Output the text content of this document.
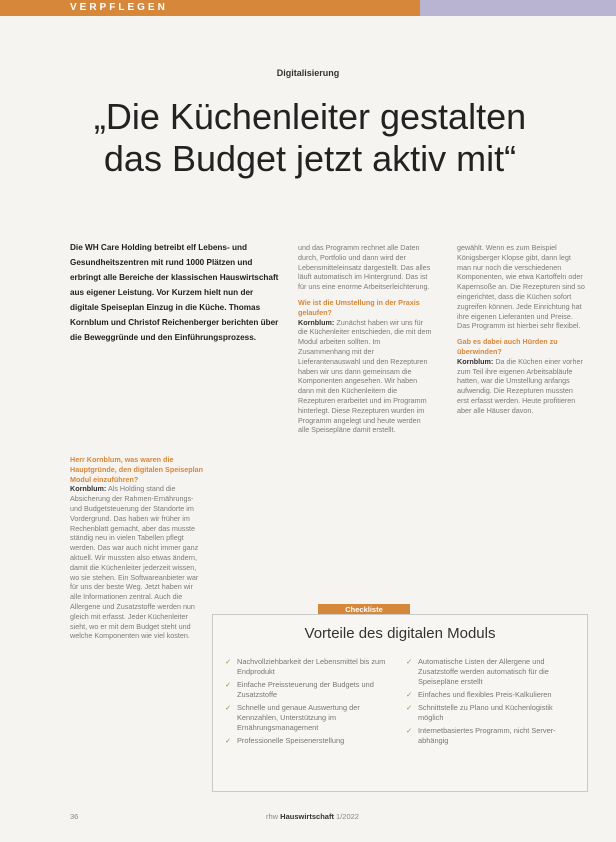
VERPFLEGEN
Digitalisierung
„Die Küchenleiter gestalten
das Budget jetzt aktiv mit“
Die WH Care Holding betreibt elf Lebens- und Gesundheitszentren mit rund 1000 Plätzen und erbringt alle Bereiche der klassischen Hauswirtschaft aus eigener Leistung. Vor Kurzem hielt nun der digitale Speiseplan Einzug in die Küche. Thomas Kornblum und Christof Reichenberger berichten über die Beweggründe und den Einführungsprozess.
Herr Kornblum, was waren die Hauptgründe, den digitalen Speiseplan Modul einzuführen?

Kornblum: Als Holding stand die Absicherung der Rahmen-Ernährungs- und Budgetsteuerung der Standorte im Vordergrund. Das haben wir früher im Rechenblatt gemacht, aber das musste ständig neu in vielen Tabellen pflegt werden. Das war auch nicht immer ganz aktuell. Wir mussten also etwas ändern, damit die Küchenleiter jederzeit wissen, wo sie stehen. Ein Softwareanbieter war für uns der beste Weg. Jetzt haben wir alle Informationen zentral. Auch die Allergene und Zusatzstoffe werden nun gleich mit erfasst. Jeder Küchenleiter sieht, wo er mit dem Budget steht und welche Komponenten wie viel kosten.

und das Programm rechnet alle Daten durch, Portfolio und dann wird der Lebensmitteleinsatz dargestellt. Das alles läuft automatisch im Hintergrund. Das ist für uns eine enorme Arbeitserleichterung.

Wie ist die Umstellung in der Praxis gelaufen?

Kornblum: Zunächst haben wir uns für die Küchenleiter entschieden, die mit dem Modul arbeiten sollten. Im Zusammenhang mit der Lieferantenauswahl und den Rezepturen haben wir uns dann gemeinsam die Komponenten angesehen. Wir haben dann mit den Küchenleitern die Rezepturen erarbeitet und im Programm hinterlegt. Diese Rezepturen wurden im Programm angelegt und heute werden alle Speisepläne damit erstellt.

gewählt. Wenn es zum Beispiel Königsberger Klopse gibt, dann legt man nur noch die verschiedenen Komponenten, wie etwa Kartoffeln oder Kapernsoße an. Die Rezepturen sind so eingerichtet, dass die Küchen sofort zugreifen können. Jede Einrichtung hat ihre eigenen Lieferanten und Preise. Das Programm ist hierbei sehr flexibel.

Gab es dabei auch Hürden zu überwinden?

Kornblum: Da die Küchen einer vorher zum Teil ihre eigenen Arbeitsabläufe hatten, war die Umstellung anfangs aufwendig. Die Rezepturen mussten erst erfasst werden. Heute profitieren aber alle Häuser davon.

Checkliste
Vorteile des digitalen Moduls
✓ Nachvollziehbarkeit der Lebensmittel bis zum Endprodukt
✓ Einfache Preissteuerung der Budgets und Zusatzstoffe
✓ Schnelle und genaue Auswertung der Kennzahlen, Unterstützung im Ernährungsmanagement
✓ Professionelle Speisenerstellung
✓ Automatische Listen der Allergene und Zusatzstoffe werden automatisch für die Speisepläne erstellt
✓ Einfaches und flexibles Preis-Kalkulieren
✓ Schnittstelle zu Plano und Küchenlogistik möglich
✓ Internetbasiertes Programm, nicht Server-abhängig
36	rhw Hauswirtschaft 1/2022
